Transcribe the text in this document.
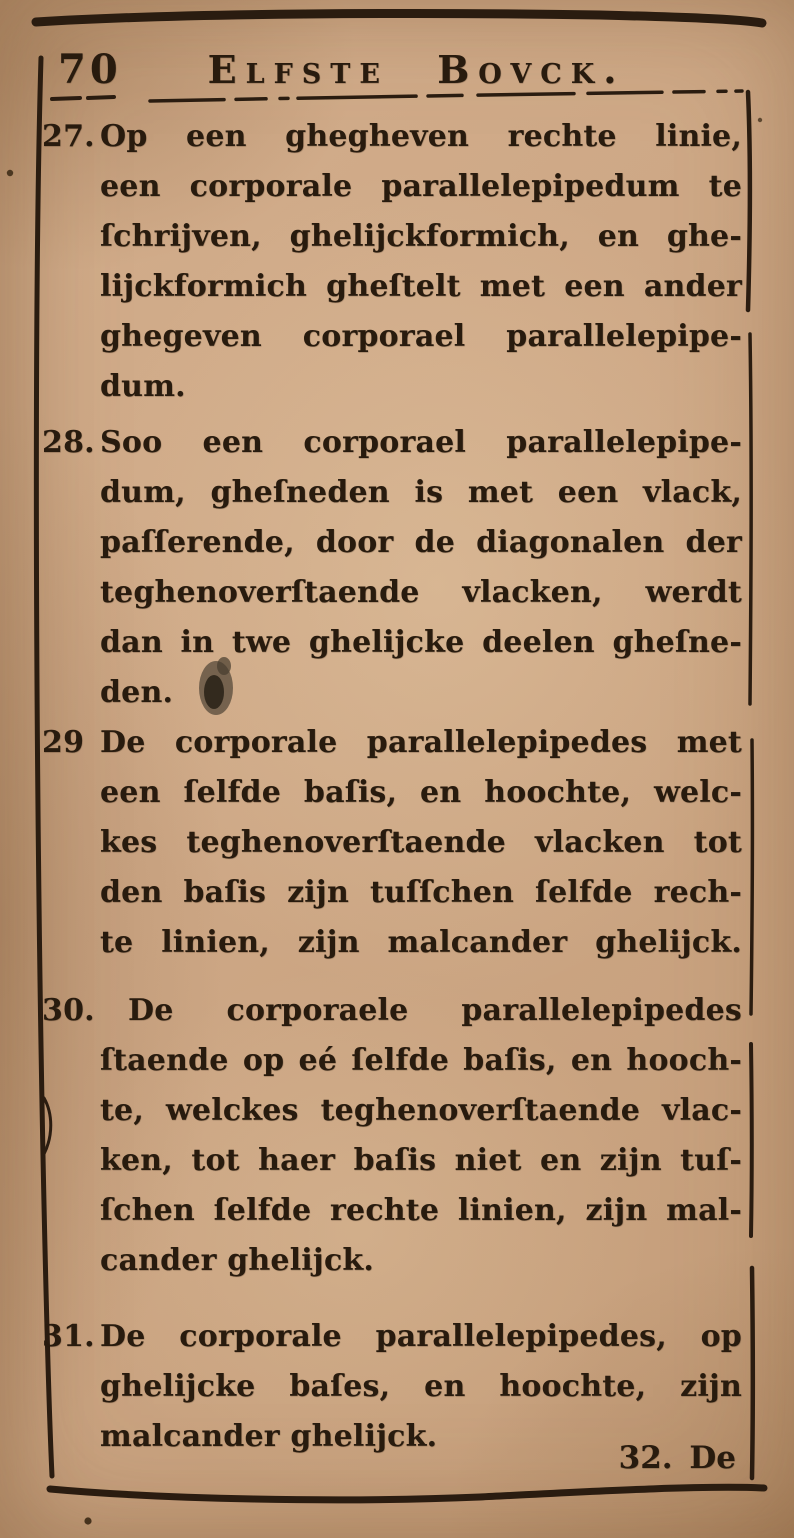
70 Elfste Bovck.
27. Op een ghegheven rechte linie,
een corporale parallelepipedum te
ſchrijven, ghelijckformich, en ghe-
lijckformich gheſtelt met een ander
ghegeven corporael parallelepipe-
dum.
28. Soo een corporael parallelepipe-
dum, gheſneden is met een vlack,
paſſerende, door de diagonalen der
teghenoverſtaende vlacken, werdt
dan in twe ghelijcke deelen gheſne-
den.
29 De corporale parallelepipedes met
een ſelfde baſis, en hoochte, welc-
kes teghenoverſtaende vlacken tot
den baſis zijn tuſſchen ſelfde rech-
te linien, zijn malcander ghelijck.
30.	De corporaele parallelepipedes
ſtaende op eé ſelfde baſis, en hooch-
te, welckes teghenoverſtaende vlac-
ken, tot haer baſis niet en zijn tuſ-
ſchen ſelfde rechte linien, zijn mal-
cander ghelijck.
31. De corporale parallelepipedes, op
ghelijcke baſes, en hoochte, zijn
malcander ghelijck.
32. De
